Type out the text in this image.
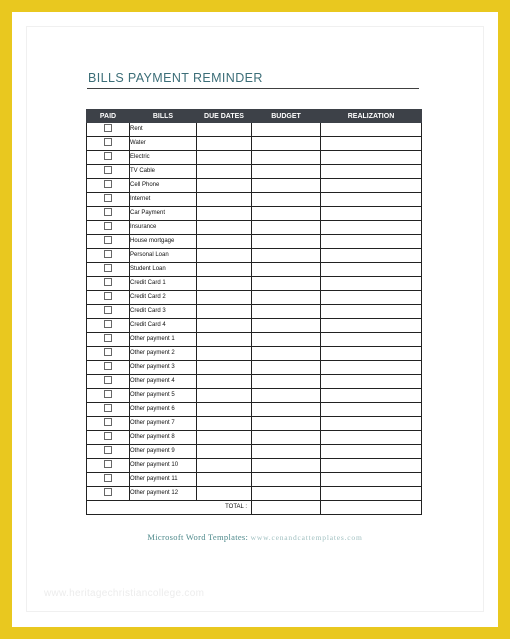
BILLS PAYMENT REMINDER
PAID	BILLS	DUE DATES	BUDGET	REALIZATION
	Rent			
	Water			
	Electric			
	TV Cable			
	Cell Phone			
	Internet			
	Car Payment			
	Insurance			
	House mortgage			
	Personal Loan			
	Student Loan			
	Credit Card 1			
	Credit Card 2			
	Credit Card 3			
	Credit Card 4			
	Other payment 1			
	Other payment 2			
	Other payment 3			
	Other payment 4			
	Other payment 5			
	Other payment 6			
	Other payment 7			
	Other payment 8			
	Other payment 9			
	Other payment 10			
	Other payment 11			
	Other payment 12			
TOTAL :				
Microsoft Word Templates: www.cenandcattemplates.com
www.heritagechristiancollege.com
